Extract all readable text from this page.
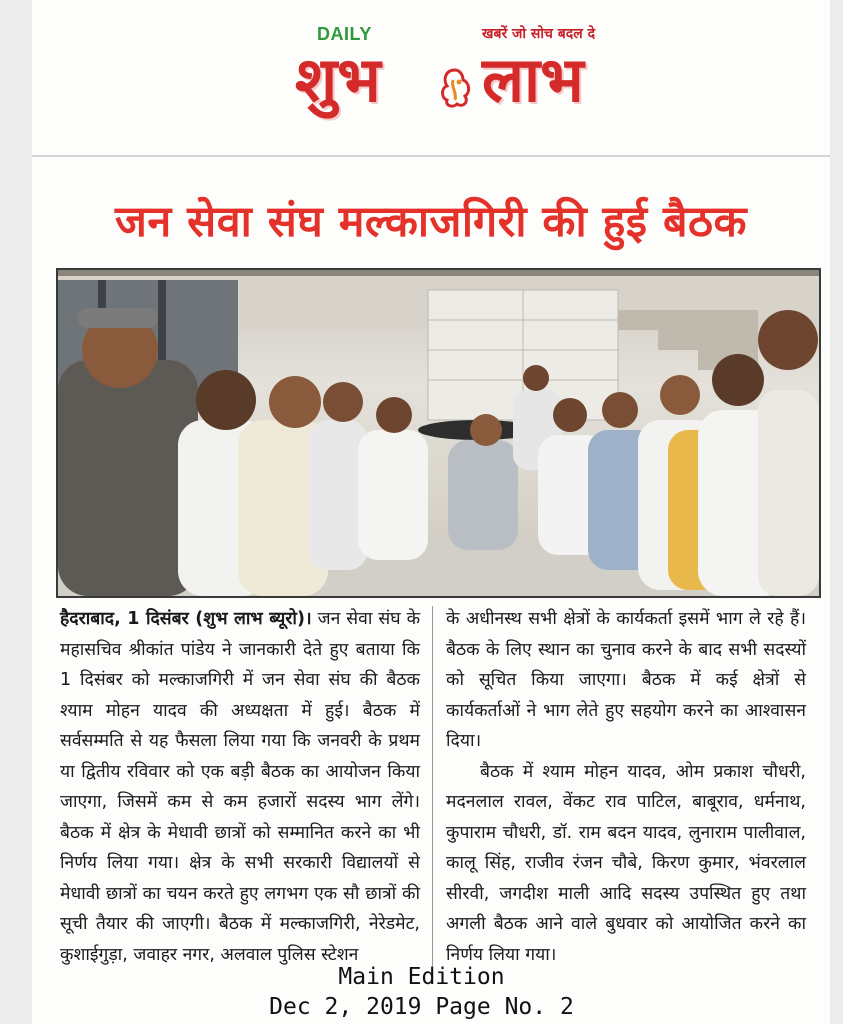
DAILY	खबरें जो सोच बदल दे
शुभ लाभ
जन सेवा संघ मल्काजगिरी की हुई बैठक

हैदराबाद, 1 दिसंबर (शुभ लाभ ब्यूरो)। जन सेवा संघ के महासचिव श्रीकांत पांडेय ने जानकारी देते हुए बताया कि 1 दिसंबर को मल्काजगिरी में जन सेवा संघ की बैठक श्याम मोहन यादव की अध्यक्षता में हुई। बैठक में सर्वसम्मति से यह फैसला लिया गया कि जनवरी के प्रथम या द्वितीय रविवार को एक बड़ी बैठक का आयोजन किया जाएगा, जिसमें कम से कम हजारों सदस्य भाग लेंगे। बैठक में क्षेत्र के मेधावी छात्रों को सम्मानित करने का भी निर्णय लिया गया। क्षेत्र के सभी सरकारी विद्यालयों से मेधावी छात्रों का चयन करते हुए लगभग एक सौ छात्रों की सूची तैयार की जाएगी। बैठक में मल्काजगिरी, नेरेडमेट, कुशाईगुड़ा, जवाहर नगर, अलवाल पुलिस स्टेशन

के अधीनस्थ सभी क्षेत्रों के कार्यकर्ता इसमें भाग ले रहे हैं। बैठक के लिए स्थान का चुनाव करने के बाद सभी सदस्यों को सूचित किया जाएगा। बैठक में कई क्षेत्रों से कार्यकर्ताओं ने भाग लेते हुए सहयोग करने का आश्वासन दिया।

बैठक में श्याम मोहन यादव, ओम प्रकाश चौधरी, मदनलाल रावल, वेंकट राव पाटिल, बाबूराव, धर्मनाथ, कुपाराम चौधरी, डॉ. राम बदन यादव, लुनाराम पालीवाल, कालू सिंह, राजीव रंजन चौबे, किरण कुमार, भंवरलाल सीरवी, जगदीश माली आदि सदस्य उपस्थित हुए तथा अगली बैठक आने वाले बुधवार को आयोजित करने का निर्णय लिया गया।

Main Edition
Dec 2, 2019 Page No. 2
